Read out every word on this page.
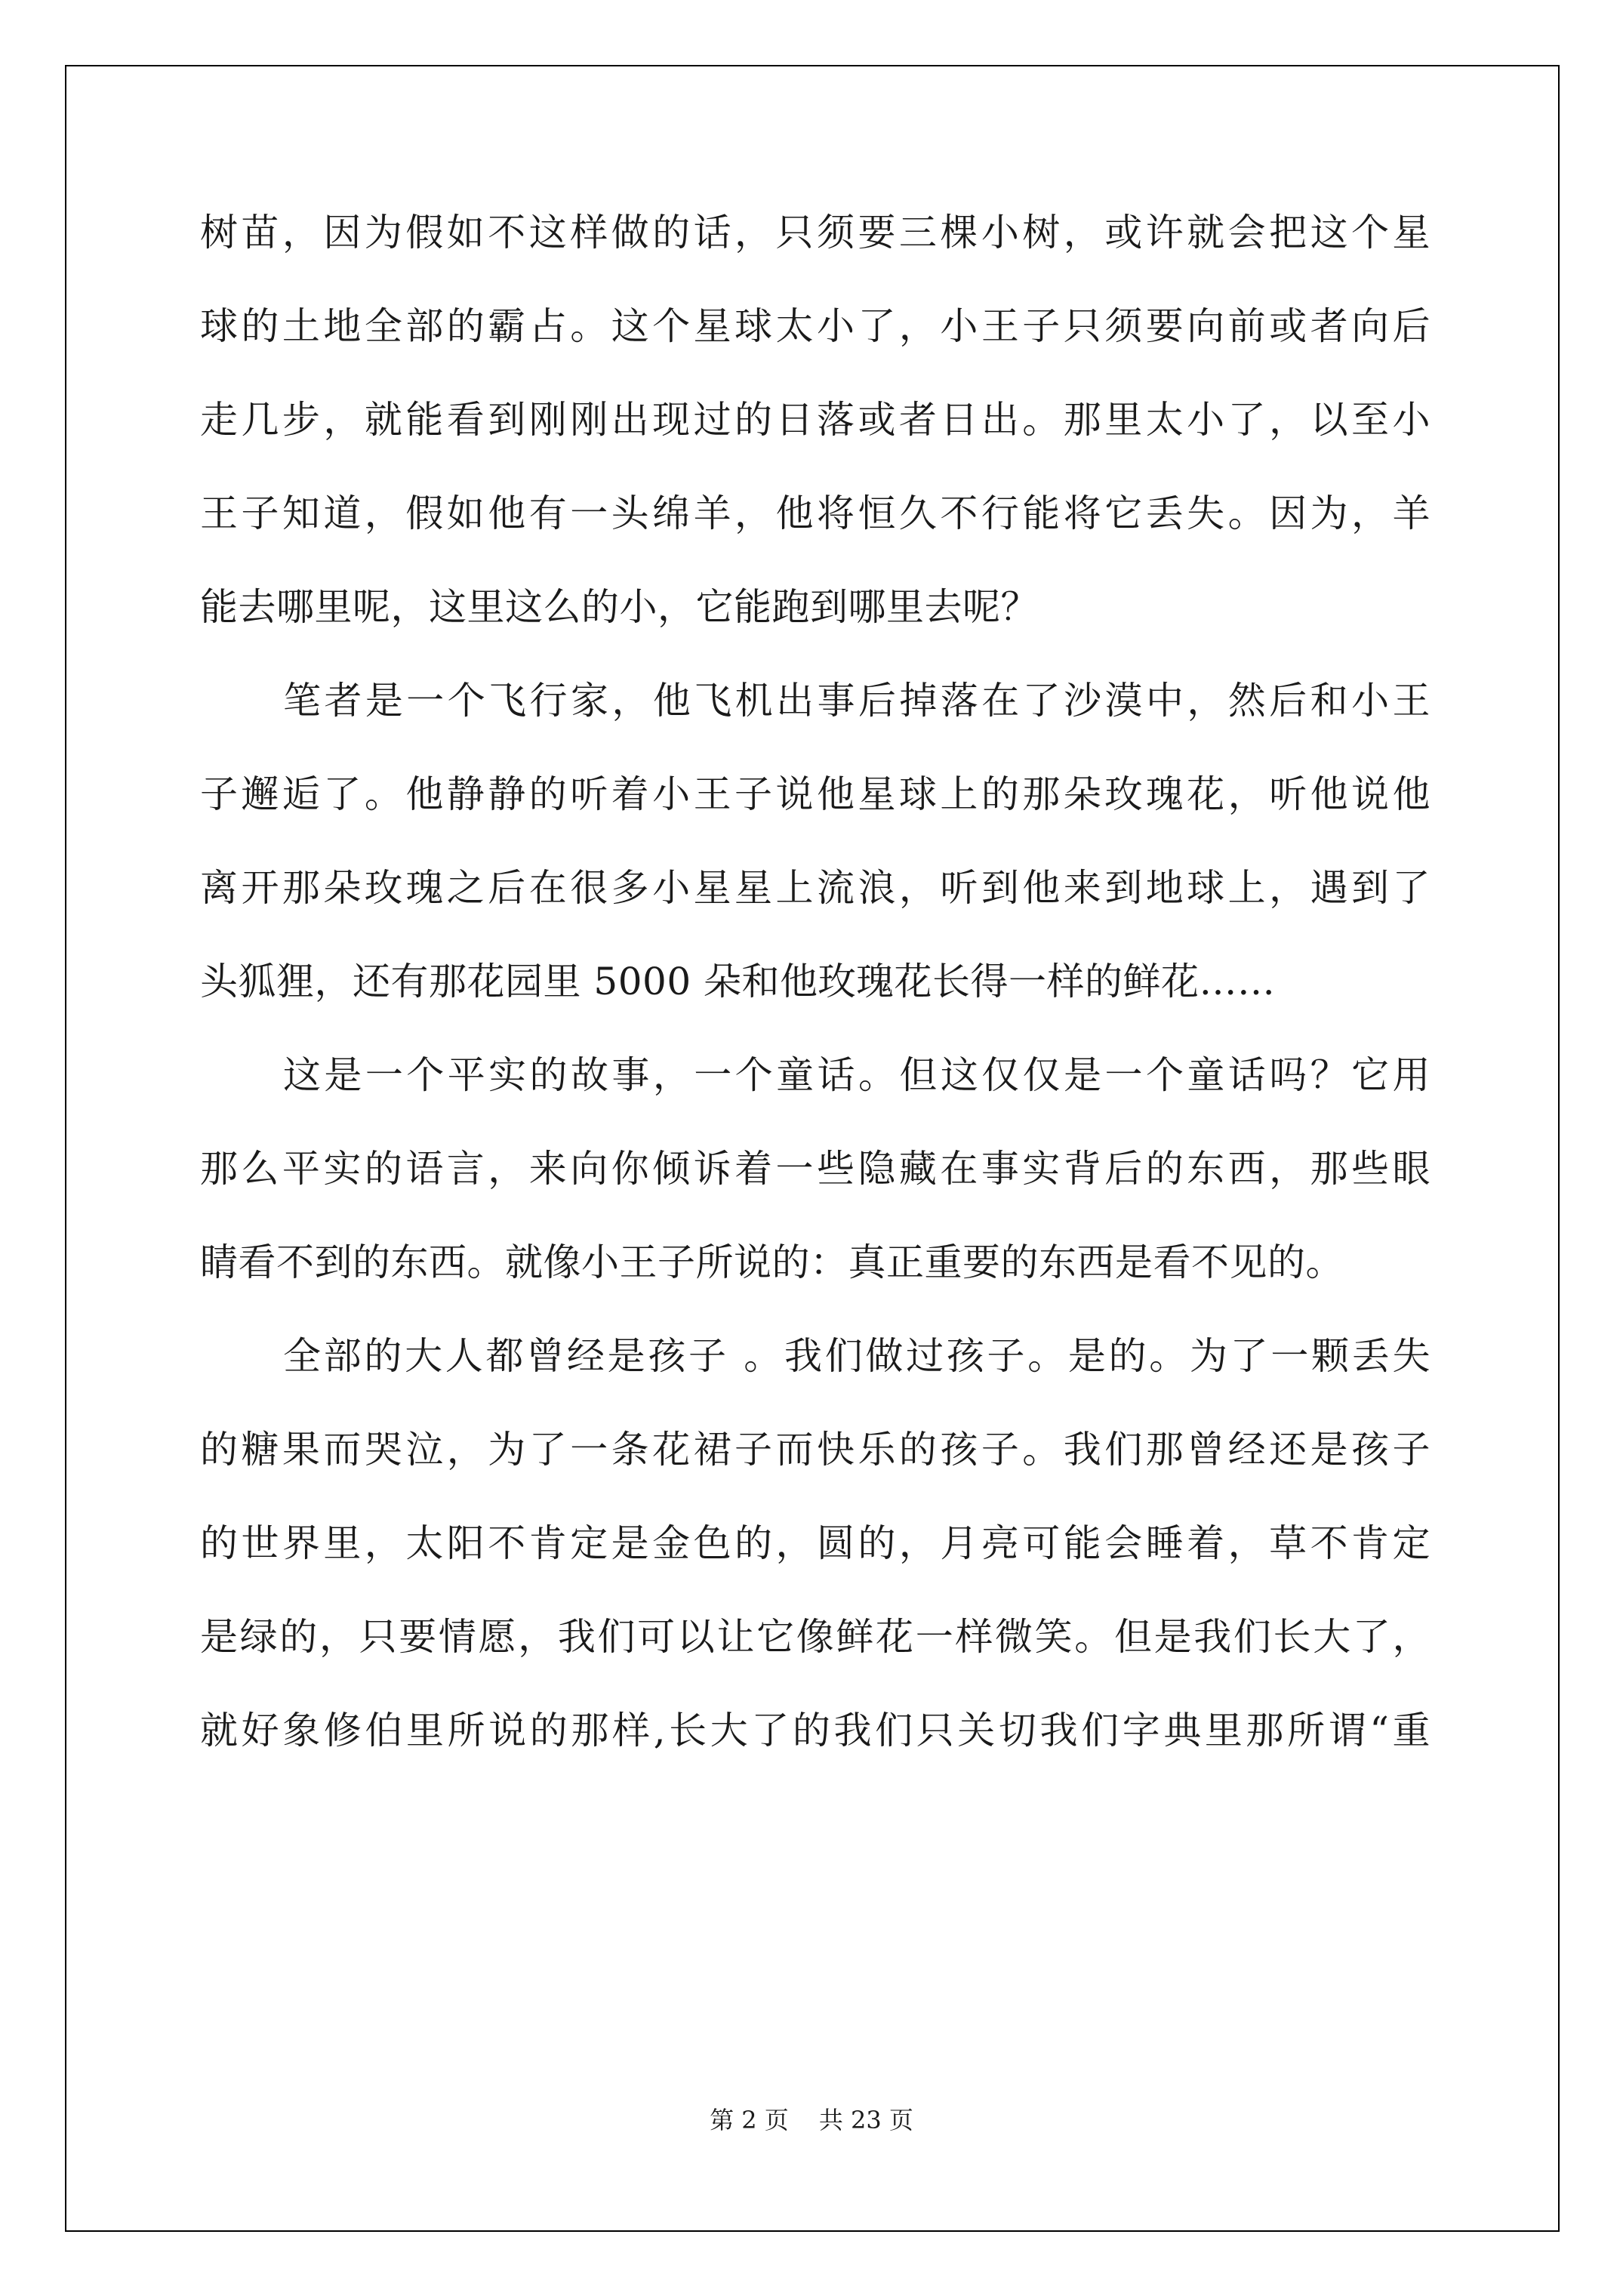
树苗，因为假如不这样做的话，只须要三棵小树，或许就会把这个星
球的土地全部的霸占。这个星球太小了，小王子只须要向前或者向后
走几步，就能看到刚刚出现过的日落或者日出。那里太小了，以至小
王子知道，假如他有一头绵羊，他将恒久不行能将它丢失。因为，羊
能去哪里呢，这里这么的小，它能跑到哪里去呢？
笔者是一个飞行家，他飞机出事后掉落在了沙漠中，然后和小王
子邂逅了。他静静的听着小王子说他星球上的那朵玫瑰花，听他说他
离开那朵玫瑰之后在很多小星星上流浪，听到他来到地球上，遇到了
头狐狸，还有那花园里 5000 朵和他玫瑰花长得一样的鲜花……
这是一个平实的故事，一个童话。但这仅仅是一个童话吗？它用
那么平实的语言，来向你倾诉着一些隐藏在事实背后的东西，那些眼
睛看不到的东西。就像小王子所说的：真正重要的东西是看不见的。
全部的大人都曾经是孩子 。我们做过孩子。是的。为了一颗丢失
的糖果而哭泣，为了一条花裙子而快乐的孩子。我们那曾经还是孩子
的世界里，太阳不肯定是金色的，圆的，月亮可能会睡着，草不肯定
是绿的，只要情愿，我们可以让它像鲜花一样微笑。但是我们长大了，
就好象修伯里所说的那样,长大了的我们只关切我们字典里那所谓“重
第 2 页 共 23 页
